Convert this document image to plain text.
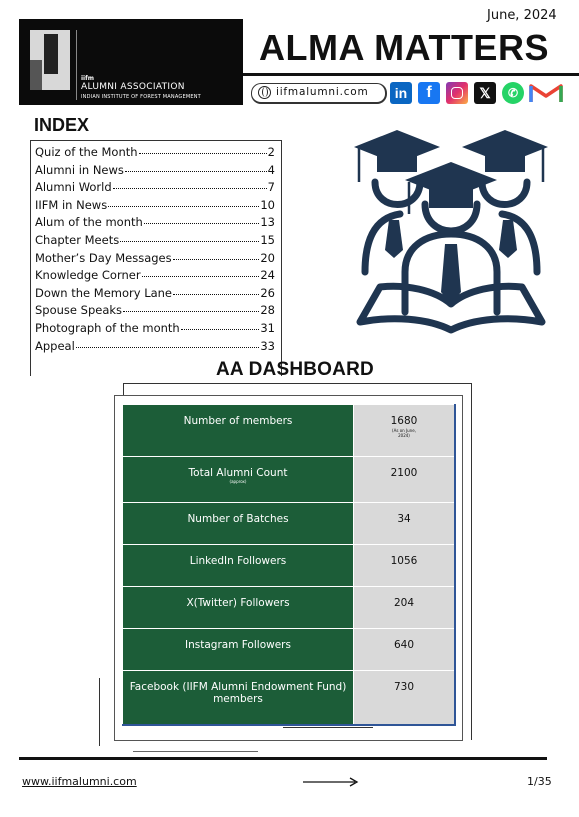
June, 2024
iifm
ALUMNI ASSOCIATION
INDIAN INSTITUTE OF FOREST MANAGEMENT
ALMA MATTERS
iifmalumni.com	in	f	𝕏	✆
INDEX
Quiz of the Month	2
Alumni in News	4
Alumni World	7
IIFM in News	10
Alum of the month	13
Chapter Meets	15
Mother’s Day Messages	20
Knowledge Corner	24
Down the Memory Lane	26
Spouse Speaks	28
Photograph of the month	31
Appeal	33
AA DASHBOARD
Number of members	1680
(As on June, 2024)

Total Alumni Count
(approx)	2100
Number of Batches	34
LinkedIn Followers	1056
X(Twitter) Followers	204
Instagram Followers	640
Facebook (IIFM Alumni Endowment Fund) members	730
www.iifmalumni.com	1/35
